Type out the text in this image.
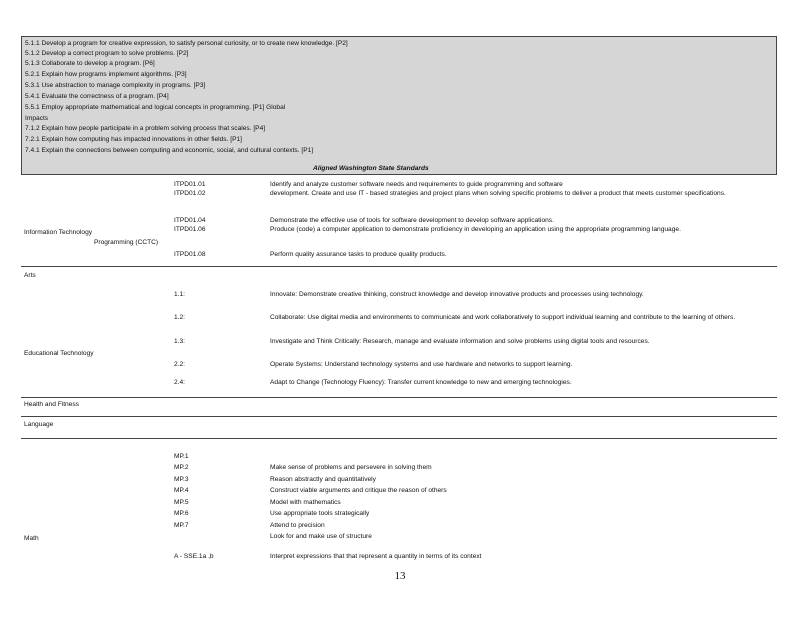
5.1.1 Develop a program for creative expression, to satisfy personal curiosity, or to create new knowledge. [P2]
5.1.2 Develop a correct program to solve problems. [P2]
5.1.3 Collaborate to develop a program. [P6]
5.2.1 Explain how programs implement algorithms. [P3]
5.3.1 Use abstraction to manage complexity in programs. [P3]
5.4.1 Evaluate the correctness of a program. [P4]
5.5.1 Employ appropriate mathematical and logical concepts in programming. [P1] Global
Impacts
7.1.2 Explain how people participate in a problem solving process that scales. [P4]
7.2.1 Explain how computing has impacted innovations in other fields. [P1]
7.4.1 Explain the connections between computing and economic, social, and cultural contexts. [P1]
Aligned Washington State Standards
Information Technology
Programming (CCTC)
ITPD01.01
ITPD01.02
ITPD01.04
ITPD01.06
ITPD01.08
Identify and analyze customer software needs and requirements to guide programming and software
development. Create and use IT - based strategies and project plans when solving specific problems to deliver a product that meets customer specifications.
Demonstrate the effective use of tools for software development to develop software applications.
Produce (code) a computer application to demonstrate proficiency in developing an application using the appropriate programming language.
Perform quality assurance tasks to produce quality products.
Arts
Educational Technology
1.1:
1.2:
1.3:
2.2:
2.4:
Innovate: Demonstrate creative thinking, construct knowledge and develop innovative products and processes using technology.
Collaborate: Use digital media and environments to communicate and work collaboratively to support individual learning and contribute to the learning of others.
Investigate and Think Critically: Research, manage and evaluate information and solve problems using digital tools and resources.
Operate Systems: Understand technology systems and use hardware and networks to support learning.
Adapt to Change (Technology Fluency): Transfer current knowledge to new and emerging technologies.
Health and Fitness
Language
Math
MP.1
MP.2
MP.3
MP.4
MP.5
MP.6
MP.7
Make sense of problems and persevere in solving them
Reason abstractly and quantitatively
Construct viable arguments and critique the reason of others
Model with mathematics
Use appropriate tools strategically
Attend to precision
Look for and make use of structure
A - SSE.1a ,b	Interpret expressions that that represent a quantity in terms of its context
13
